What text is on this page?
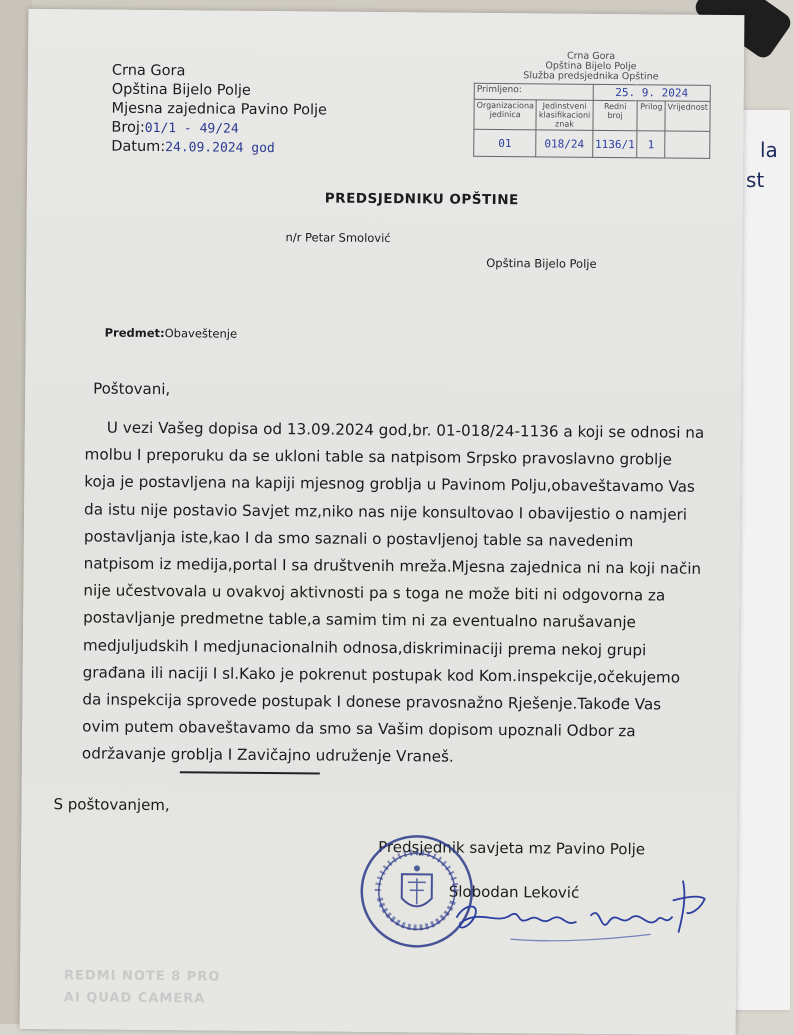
la
st
Crna Gora
Opština Bijelo Polje
Mjesna zajednica Pavino Polje
Broj:01/1 - 49/24
Datum:24.09.2024 god
Crna Gora
Opština Bijelo Polje
Služba predsjednika Opštine
Primljeno:		25. 9. 2024		
Organizaciona jedinica	Jedinstveni klasifikacioni znak	Redni broj	Prilog	Vrijednost
01	018/24	1136/1	1	
PREDSJEDNIKU OPŠTINE
n/r Petar Smolović
Opština Bijelo Polje
Predmet:Obaveštenje
Poštovani,
U vezi Vašeg dopisa od 13.09.2024 god,br. 01-018/24-1136 a koji se odnosi na molbu I preporuku da se ukloni table sa natpisom Srpsko pravoslavno groblje koja je postavljena na kapiji mjesnog groblja u Pavinom Polju,obaveštavamo Vas da istu nije postavio Savjet mz,niko nas nije konsultovao I obavijestio o namjeri postavljanja iste,kao I da smo saznali o postavljenoj table sa navedenim natpisom iz medija,portal I sa društvenih mreža.Mjesna zajednica ni na koji način nije učestvovala u ovakvoj aktivnosti pa s toga ne može biti ni odgovorna za postavljanje predmetne table,a samim tim ni za eventualno narušavanje medjuljudskih I medjunacionalnih odnosa,diskriminaciji prema nekoj grupi građana ili naciji I sl.Kako je pokrenut postupak kod Kom.inspekcije,očekujemo da inspekcija sprovede postupak I donese pravosnažno Rješenje.Takođe Vas ovim putem obaveštavamo da smo sa Vašim dopisom upoznali Odbor za održavanje groblja I Zavičajno udruženje Vraneš.
S poštovanjem,
Predsjednik savjeta mz Pavino Polje
Slobodan Leković
REDMI NOTE 8 PRO
AI QUAD CAMERA
